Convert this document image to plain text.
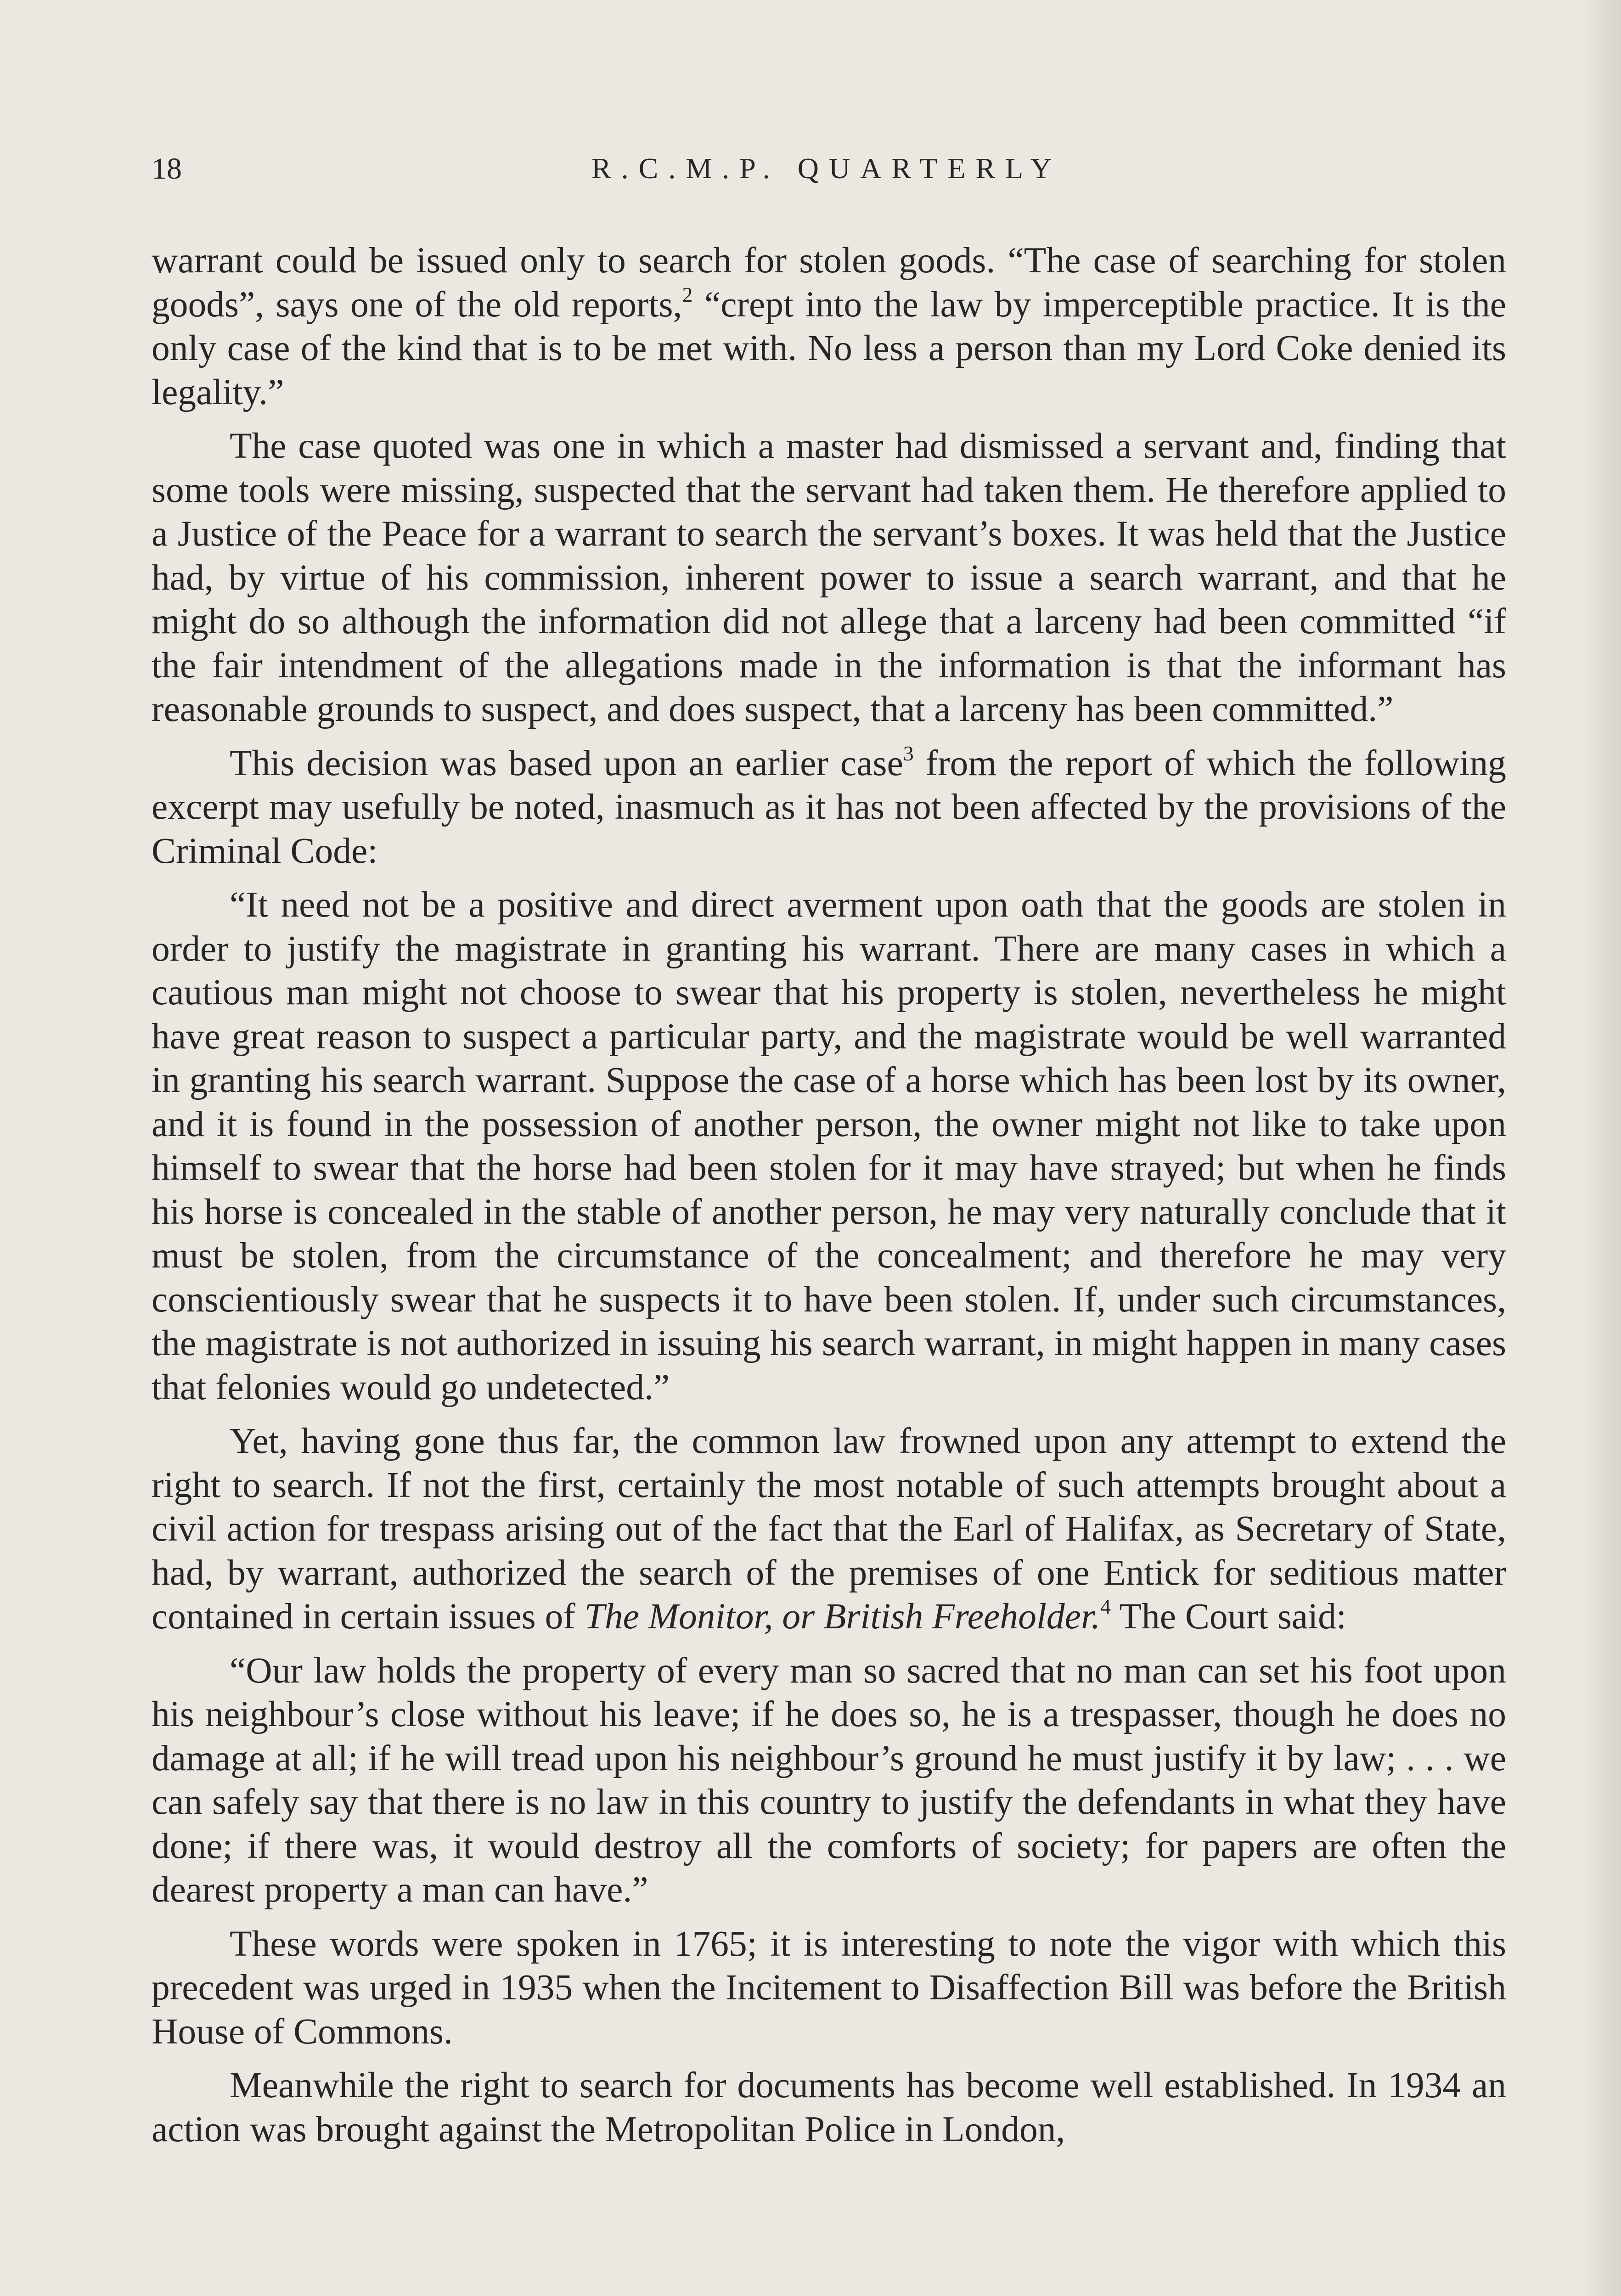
18	R.C.M.P. QUARTERLY

warrant could be issued only to search for stolen goods. “The case of searching for stolen goods”, says one of the old reports,$^2$ “crept into the law by imperceptible practice. It is the only case of the kind that is to be met with. No less a person than my Lord Coke denied its legality.”

The case quoted was one in which a master had dismissed a servant and, finding that some tools were missing, suspected that the servant had taken them. He therefore applied to a Justice of the Peace for a warrant to search the servant’s boxes. It was held that the Justice had, by virtue of his commission, inherent power to issue a search warrant, and that he might do so although the information did not allege that a larceny had been committed “if the fair intendment of the allegations made in the information is that the informant has reasonable grounds to suspect, and does suspect, that a larceny has been committed.”

This decision was based upon an earlier case$^3$ from the report of which the following excerpt may usefully be noted, inasmuch as it has not been affected by the provisions of the Criminal Code:

“It need not be a positive and direct averment upon oath that the goods are stolen in order to justify the magistrate in granting his warrant. There are many cases in which a cautious man might not choose to swear that his property is stolen, nevertheless he might have great reason to suspect a particular party, and the magistrate would be well warranted in granting his search warrant. Suppose the case of a horse which has been lost by its owner, and it is found in the possession of another person, the owner might not like to take upon himself to swear that the horse had been stolen for it may have strayed; but when he finds his horse is concealed in the stable of another person, he may very naturally conclude that it must be stolen, from the circumstance of the concealment; and therefore he may very conscientiously swear that he suspects it to have been stolen. If, under such circumstances, the magistrate is not authorized in issuing his search warrant, in might happen in many cases that felonies would go undetected.”

Yet, having gone thus far, the common law frowned upon any attempt to extend the right to search. If not the first, certainly the most notable of such attempts brought about a civil action for trespass arising out of the fact that the Earl of Halifax, as Secretary of State, had, by warrant, authorized the search of the premises of one Entick for seditious matter contained in certain issues of The Monitor, or British Freeholder.$^4$ The Court said:

“Our law holds the property of every man so sacred that no man can set his foot upon his neighbour’s close without his leave; if he does so, he is a trespasser, though he does no damage at all; if he will tread upon his neighbour’s ground he must justify it by law; . . . we can safely say that there is no law in this country to justify the defendants in what they have done; if there was, it would destroy all the comforts of society; for papers are often the dearest property a man can have.”

These words were spoken in 1765; it is interesting to note the vigor with which this precedent was urged in 1935 when the Incitement to Disaffection Bill was before the British House of Commons.

Meanwhile the right to search for documents has become well established. In 1934 an action was brought against the Metropolitan Police in London,
